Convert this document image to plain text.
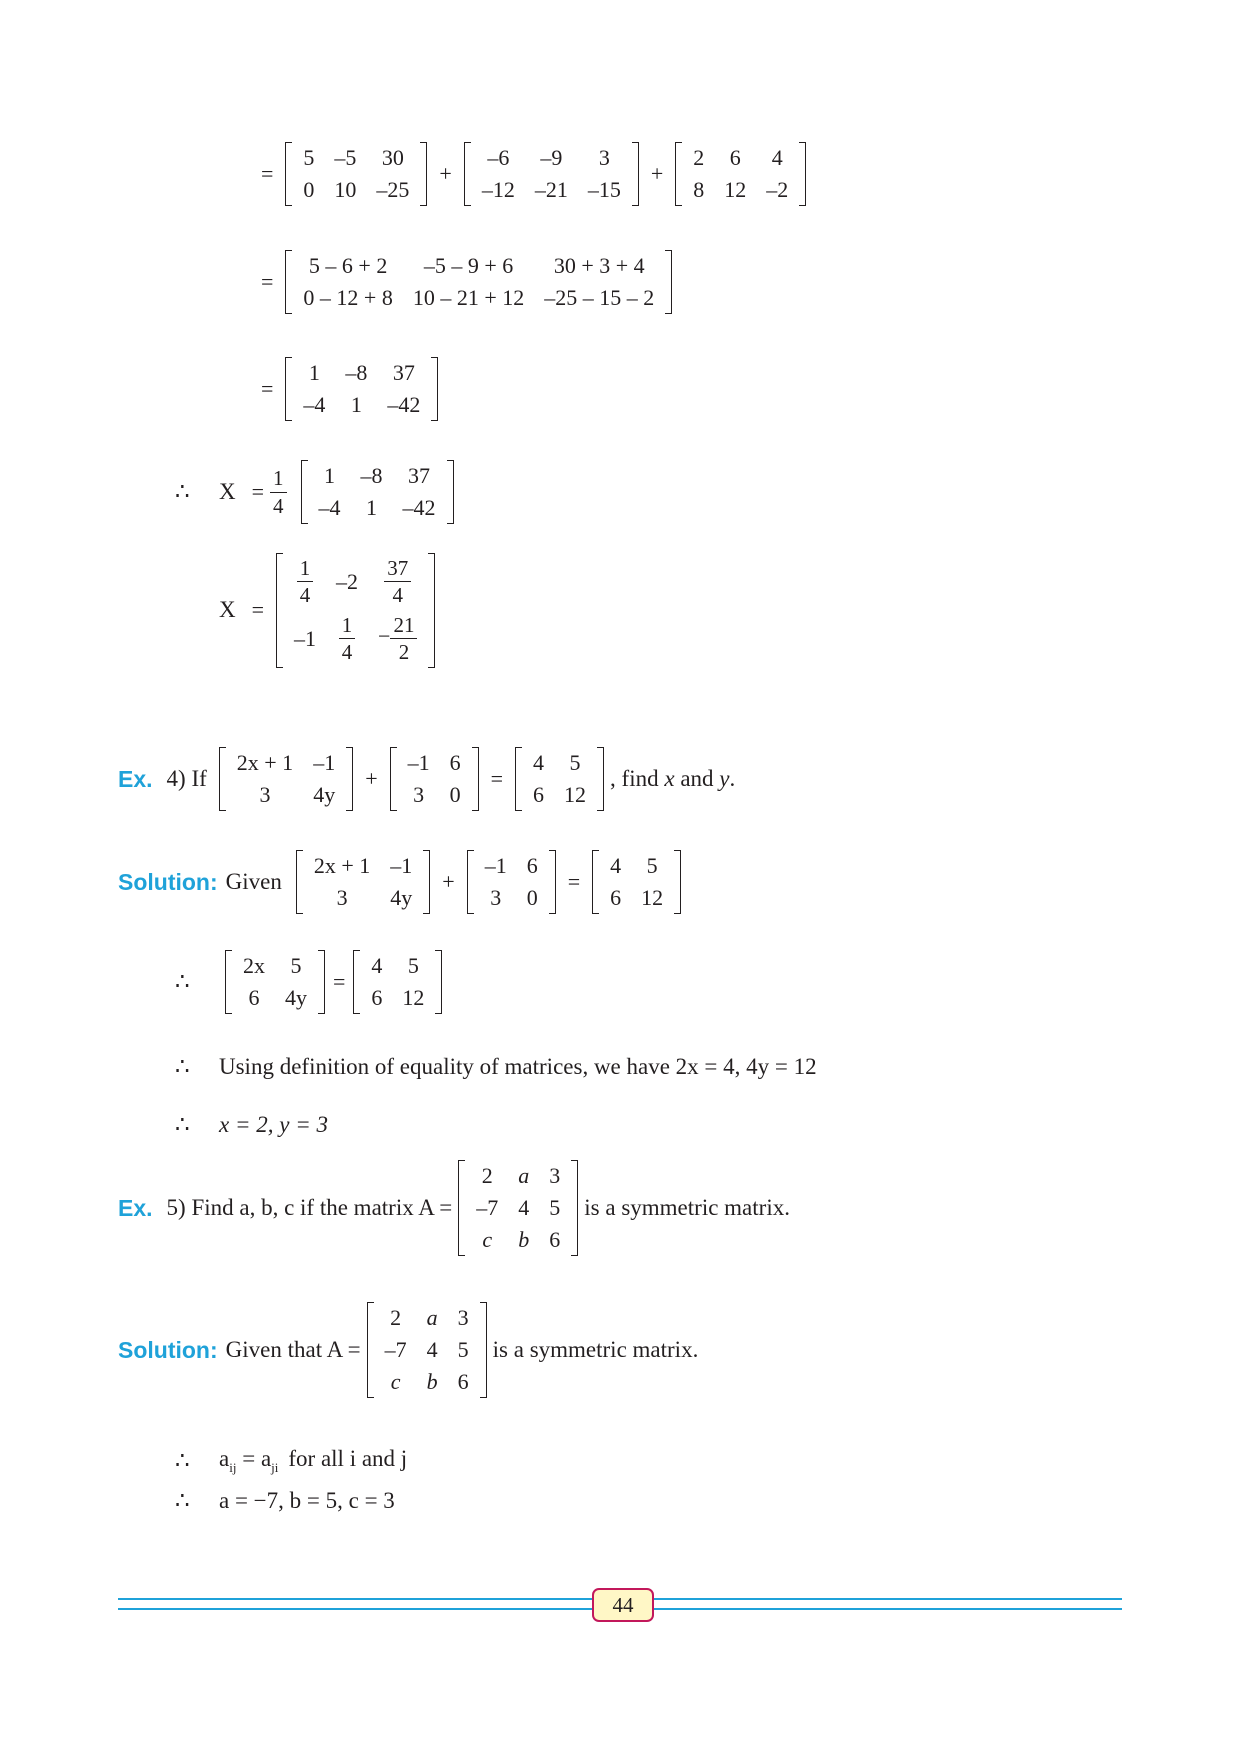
=
5	–5	30
0	10	–25
+
–6	–9	3
–12	–21	–15
+
2	6	4
8	12	–2
=
5 – 6 + 2	–5 – 9 + 6	30 + 3 + 4
0 – 12 + 8	10 – 21 + 12	–25 – 15 – 2
=
1	–8	37
–4	1	–42
∴	$X = \frac{1}{4} 1$	–8	37
–4	1	–42
X =
$\frac{1}{4}$	–2	$\frac{37}{4}$

–1	$\frac{1}{4}$	− $\frac{21}{2}$
Ex. 4) If
2x + 1	–1
3	4y
+
–1	6
3	0
=
4	5
6	12
, find x and y.
Solution: Given
2x + 1	–1
3	4y
+
–1	6
3	0
=
4	5
6	12
∴
2x	5
6	4y
=
4	5
6	12
∴	Using definition of equality of matrices, we have 2x = 4, 4y = 12
∴	x = 2, y = 3
Ex. 5) Find a, b, c if the matrix A =
2	a	3
–7	4	5
c	b	6
is a symmetric matrix.
Solution: Given that A =
2	a	3
–7	4	5
c	b	6
is a symmetric matrix.
∴	$a_{ij} = a_{ji}$ for all i and j
∴	a = −7, b = 5, c = 3
44
